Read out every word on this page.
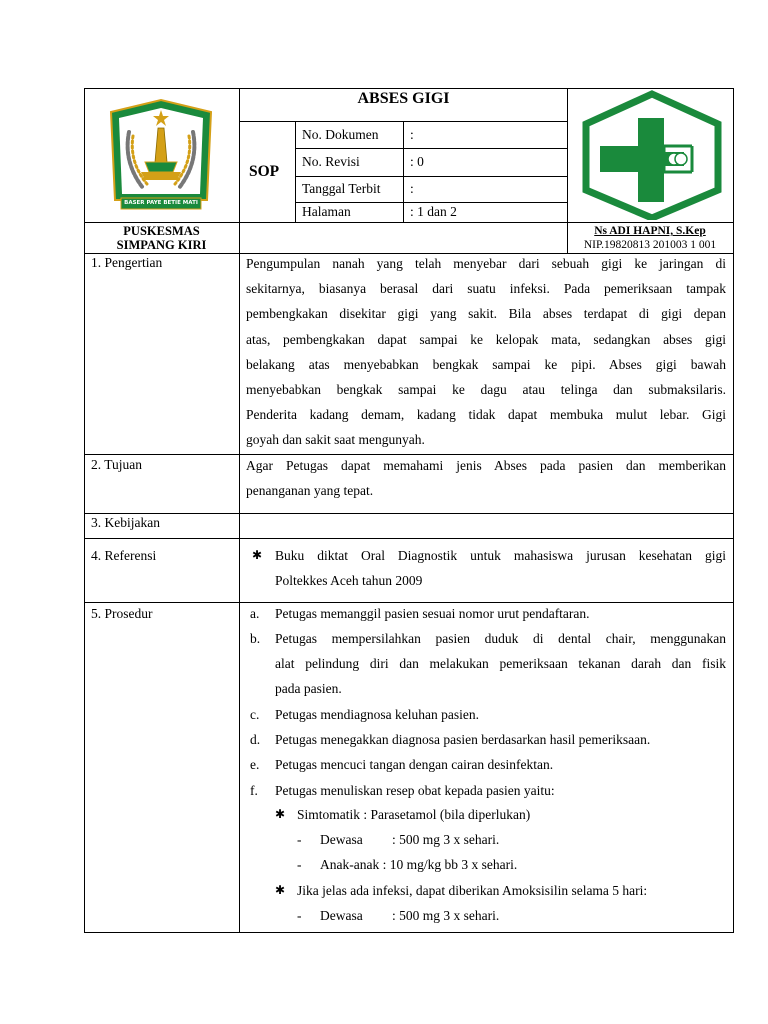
BASER PAYE BETIE MATI
ABSES GIGI
SOP
No. Dokumen :
No. Revisi	: 0
Tanggal Terbit :
Halaman	: 1 dan 2
PUSKESMAS
SIMPANG KIRI
Ns ADI HAPNI, S.Kep
NIP.19820813 201003 1 001
1. Pengertian	Pengumpulan nanah yang telah menyebar dari sebuah gigi ke jaringan di
sekitarnya, biasanya berasal dari suatu infeksi. Pada pemeriksaan tampak
pembengkakan disekitar gigi yang sakit. Bila abses terdapat di gigi depan
atas, pembengkakan dapat sampai ke kelopak mata, sedangkan abses gigi
belakang atas menyebabkan bengkak sampai ke pipi. Abses gigi bawah
menyebabkan bengkak sampai ke dagu atau telinga dan submaksilaris.
Penderita kadang demam, kadang tidak dapat membuka mulut lebar. Gigi
goyah dan sakit saat mengunyah.
2. Tujuan	Agar Petugas dapat memahami jenis Abses pada pasien dan memberikan
penanganan yang tepat.
3. Kebijakan
4. Referensi	✱ Buku diktat Oral Diagnostik untuk mahasiswa jurusan kesehatan gigi
Poltekkes Aceh tahun 2009
5. Prosedur	a. Petugas memanggil pasien sesuai nomor urut pendaftaran.
b. Petugas mempersilahkan pasien duduk di dental chair, menggunakan
alat pelindung diri dan melakukan pemeriksaan tekanan darah dan fisik
pada pasien.
c. Petugas mendiagnosa keluhan pasien.
d. Petugas menegakkan diagnosa pasien berdasarkan hasil pemeriksaan.
e. Petugas mencuci tangan dengan cairan desinfektan.
f. Petugas menuliskan resep obat kepada pasien yaitu:
✱ Simtomatik : Parasetamol (bila diperlukan)
- Dewasa : 500 mg 3 x sehari.
- Anak-anak : 10 mg/kg bb 3 x sehari.
✱ Jika jelas ada infeksi, dapat diberikan Amoksisilin selama 5 hari:
- Dewasa : 500 mg 3 x sehari.
